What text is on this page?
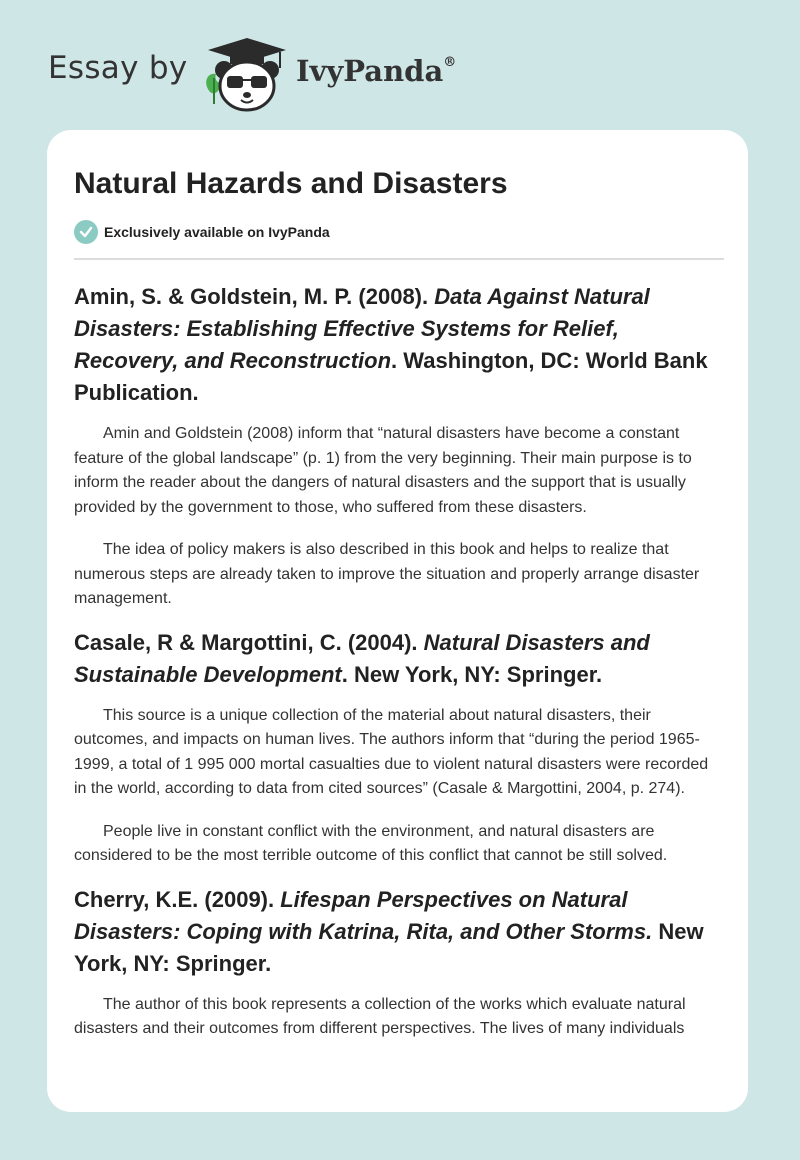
Essay by	IvyPanda®
Natural Hazards and Disasters
Exclusively available on IvyPanda

Amin, S. & Goldstein, M. P. (2008). Data Against Natural Disasters: Establishing Effective Systems for Relief, Recovery, and Reconstruction. Washington, DC: World Bank Publication.

Amin and Goldstein (2008) inform that “natural disasters have become a constant feature of the global landscape” (p. 1) from the very beginning. Their main purpose is to inform the reader about the dangers of natural disasters and the support that is usually provided by the government to those, who suffered from these disasters.

The idea of policy makers is also described in this book and helps to realize that numerous steps are already taken to improve the situation and properly arrange disaster management.

Casale, R & Margottini, C. (2004). Natural Disasters and Sustainable Development. New York, NY: Springer.

This source is a unique collection of the material about natural disasters, their outcomes, and impacts on human lives. The authors inform that “during the period 1965-1999, a total of 1 995 000 mortal casualties due to violent natural disasters were recorded in the world, according to data from cited sources” (Casale & Margottini, 2004, p. 274).

People live in constant conflict with the environment, and natural disasters are considered to be the most terrible outcome of this conflict that cannot be still solved.

Cherry, K.E. (2009). Lifespan Perspectives on Natural Disasters: Coping with Katrina, Rita, and Other Storms. New York, NY: Springer.

The author of this book represents a collection of the works which evaluate natural disasters and their outcomes from different perspectives. The lives of many individuals
